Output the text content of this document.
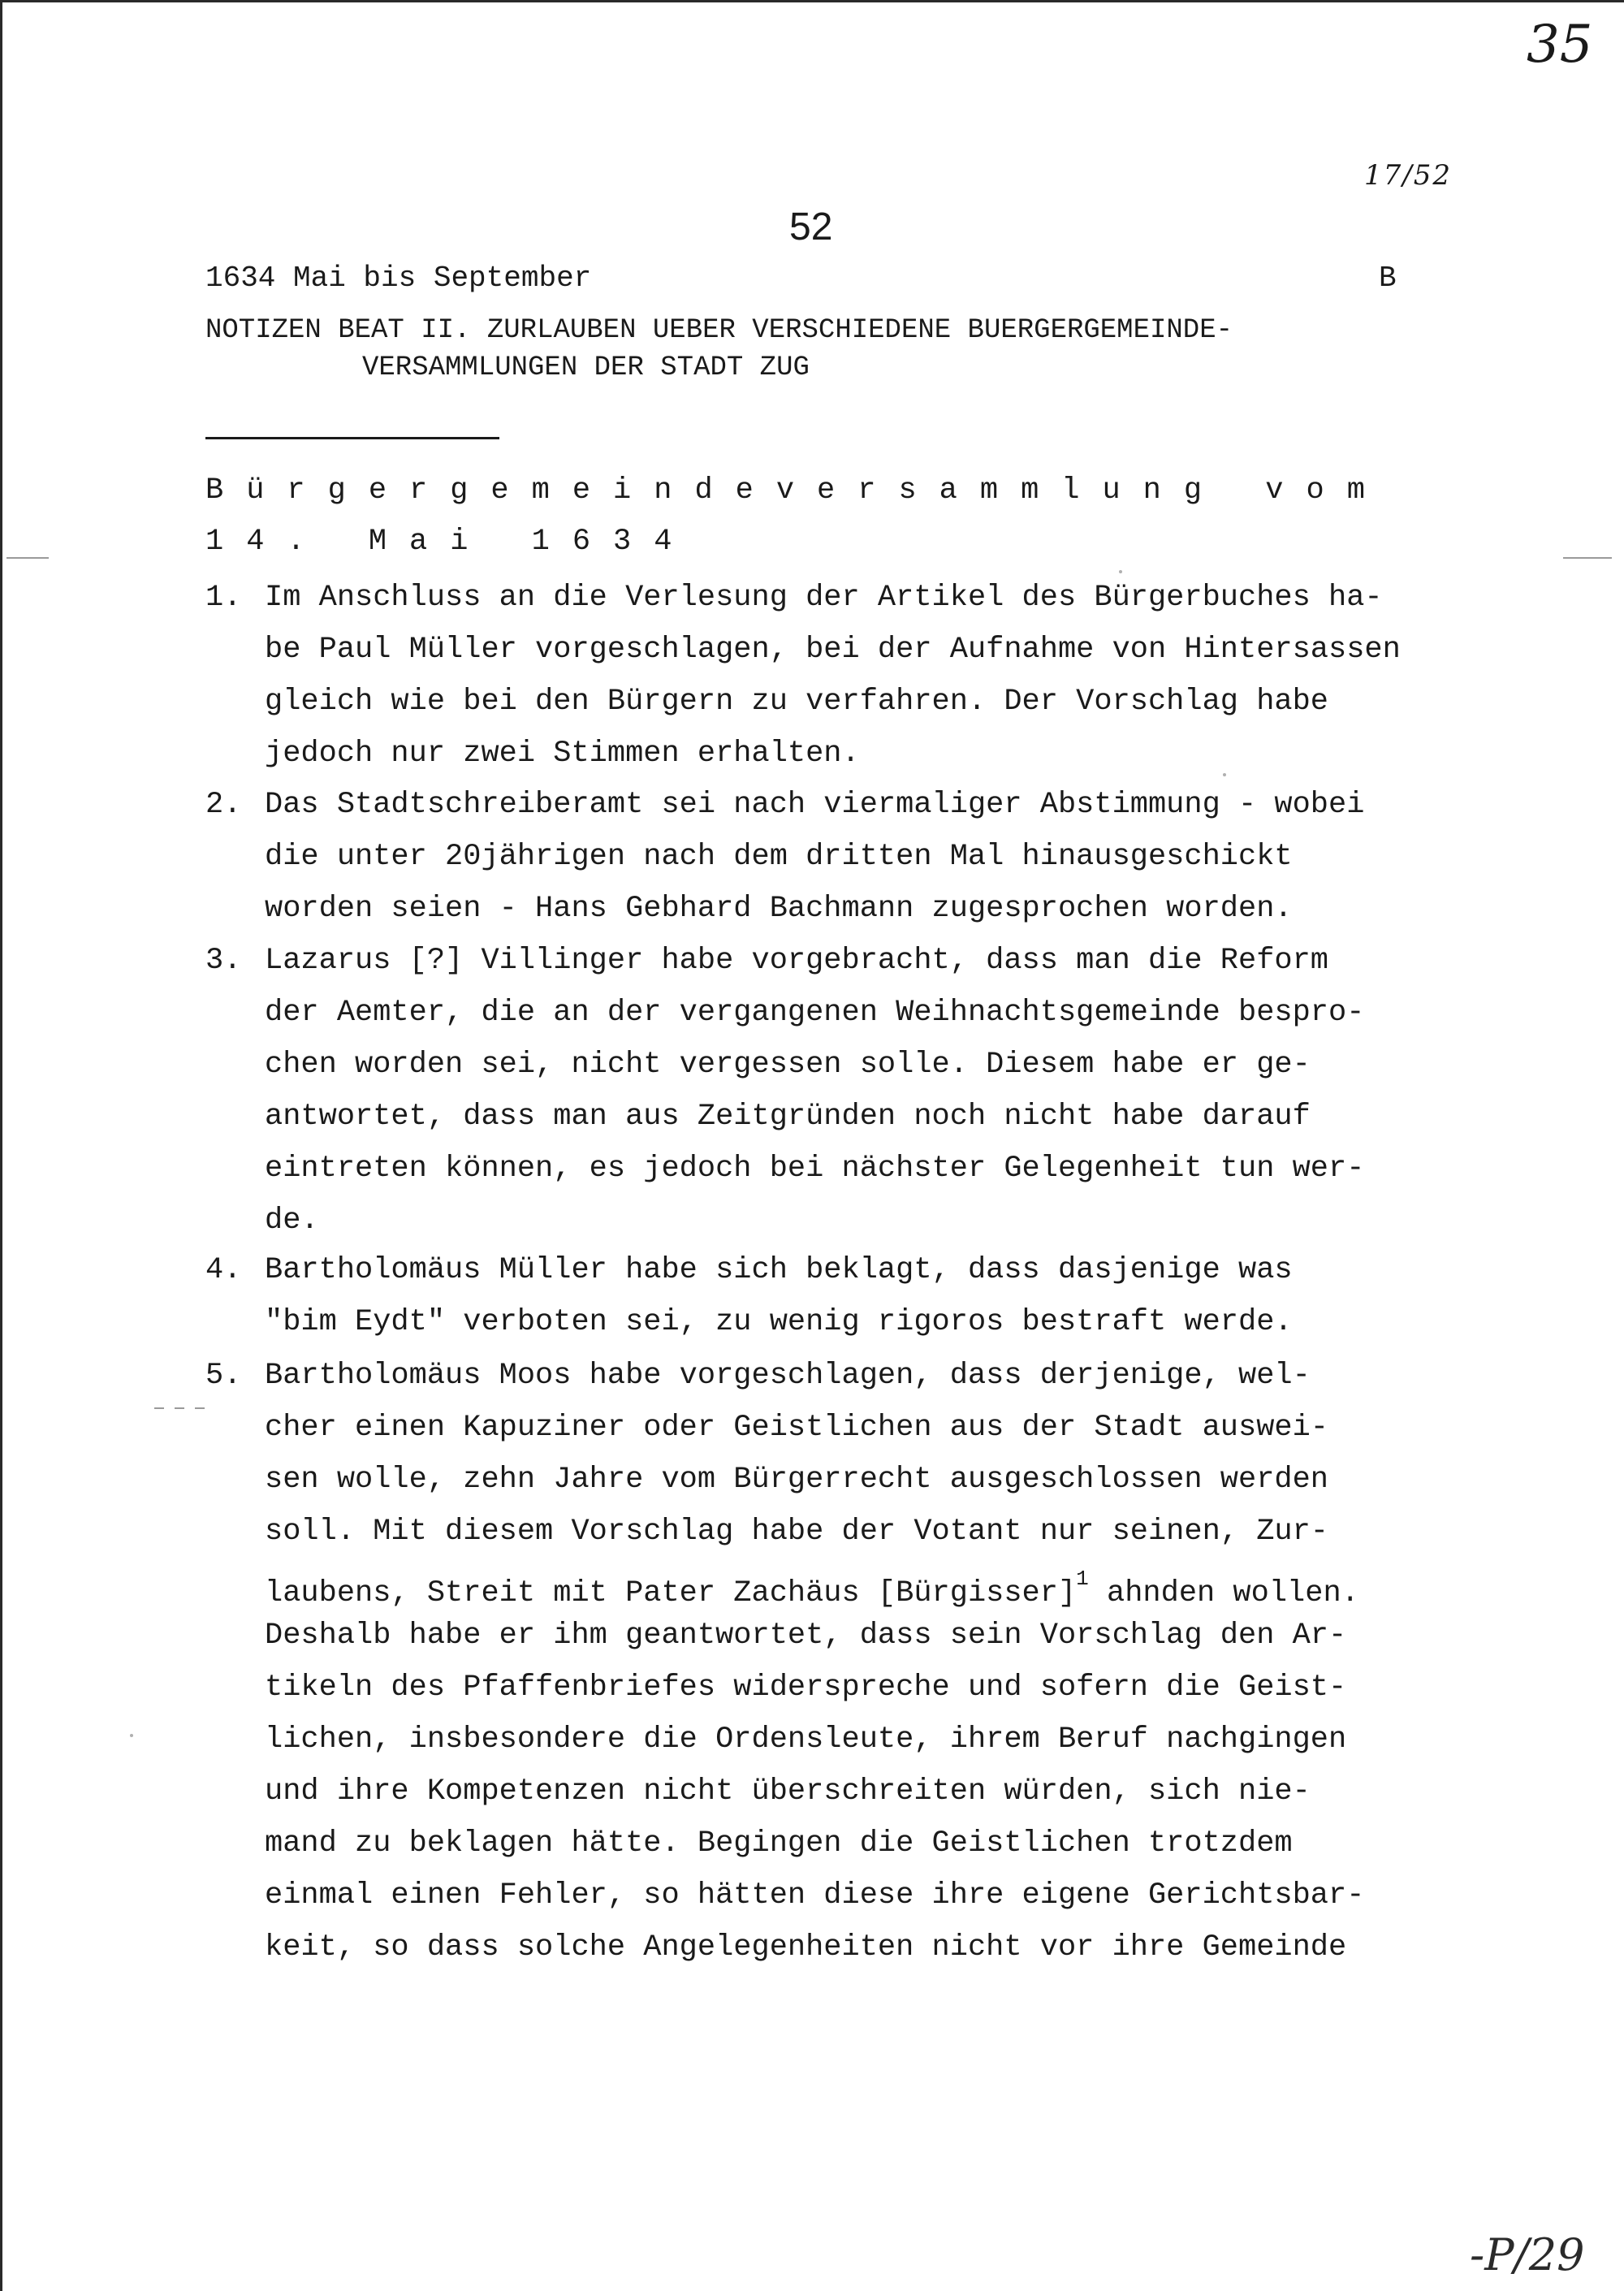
35
17/52
52
1634 Mai bis September	B
NOTIZEN BEAT II. ZURLAUBEN UEBER VERSCHIEDENE BUERGERGEMEINDE-
VERSAMMLUNGEN DER STADT ZUG
Bürgergemeindeversammlung vom
14. Mai 1634
1. Im Anschluss an die Verlesung der Artikel des Bürgerbuches ha-
be Paul Müller vorgeschlagen, bei der Aufnahme von Hintersassen
gleich wie bei den Bürgern zu verfahren. Der Vorschlag habe
jedoch nur zwei Stimmen erhalten.
2. Das Stadtschreiberamt sei nach viermaliger Abstimmung - wobei
die unter 20jährigen nach dem dritten Mal hinausgeschickt
worden seien - Hans Gebhard Bachmann zugesprochen worden.
3. Lazarus [?] Villinger habe vorgebracht, dass man die Reform
der Aemter, die an der vergangenen Weihnachtsgemeinde bespro-
chen worden sei, nicht vergessen solle. Diesem habe er ge-
antwortet, dass man aus Zeitgründen noch nicht habe darauf
eintreten können, es jedoch bei nächster Gelegenheit tun wer-
de.
4. Bartholomäus Müller habe sich beklagt, dass dasjenige was
"bim Eydt" verboten sei, zu wenig rigoros bestraft werde.
5. Bartholomäus Moos habe vorgeschlagen, dass derjenige, wel-
cher einen Kapuziner oder Geistlichen aus der Stadt auswei-
sen wolle, zehn Jahre vom Bürgerrecht ausgeschlossen werden
soll. Mit diesem Vorschlag habe der Votant nur seinen, Zur-
laubens, Streit mit Pater Zachäus [Bürgisser]$^1$ ahnden wollen.
Deshalb habe er ihm geantwortet, dass sein Vorschlag den Ar-
tikeln des Pfaffenbriefes widerspreche und sofern die Geist-
lichen, insbesondere die Ordensleute, ihrem Beruf nachgingen
und ihre Kompetenzen nicht überschreiten würden, sich nie-
mand zu beklagen hätte. Begingen die Geistlichen trotzdem
einmal einen Fehler, so hätten diese ihre eigene Gerichtsbar-
keit, so dass solche Angelegenheiten nicht vor ihre Gemeinde
-P/29
